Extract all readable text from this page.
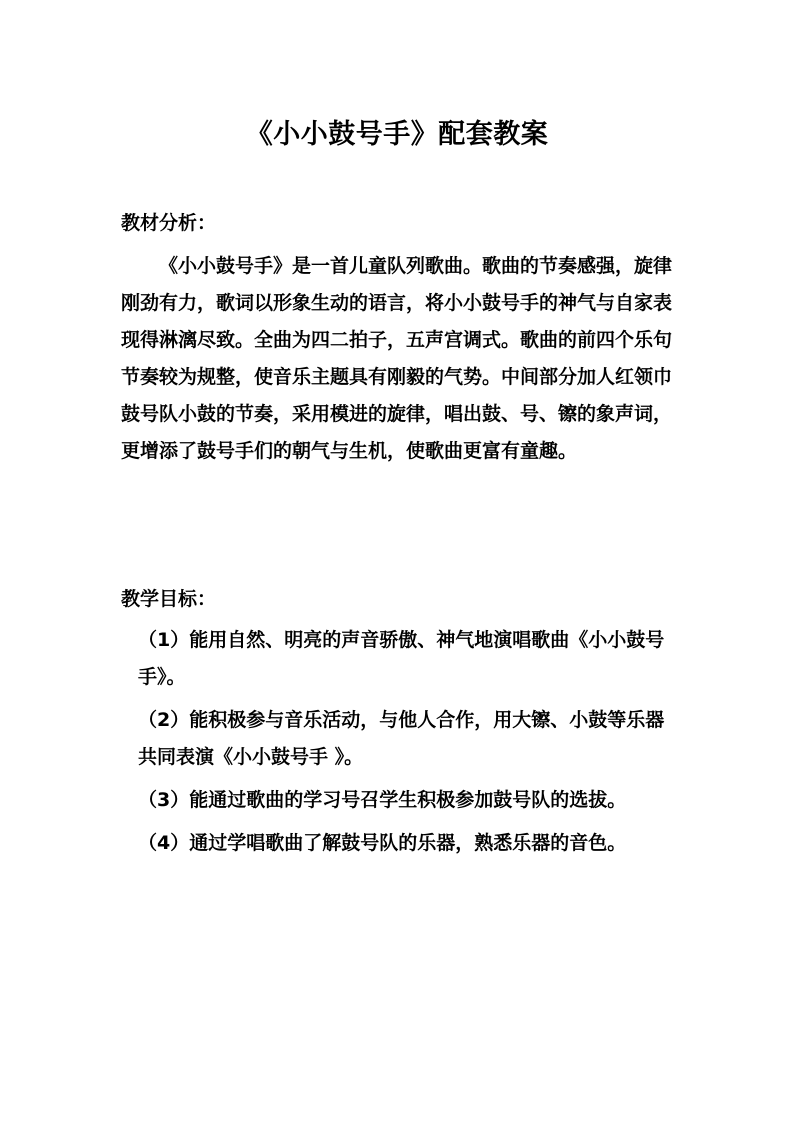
《小小鼓号手》配套教案
教材分析：
《小小鼓号手》是一首儿童队列歌曲。歌曲的节奏感强，旋律刚劲有力，歌词以形象生动的语言，将小小鼓号手的神气与自家表现得淋漓尽致。全曲为四二拍子，五声宫调式。歌曲的前四个乐句节奏较为规整，使音乐主题具有刚毅的气势。中间部分加人红领巾鼓号队小鼓的节奏，采用模进的旋律，唱出鼓、号、镲的象声词，更增添了鼓号手们的朝气与生机，使歌曲更富有童趣。
教学目标：
（1）能用自然、明亮的声音骄傲、神气地演唱歌曲《小小鼓号手》。
（2）能积极参与音乐活动，与他人合作，用大镲、小鼓等乐器共同表演《小小鼓号手 》。
（3）能通过歌曲的学习号召学生积极参加鼓号队的选拔。
（4）通过学唱歌曲了解鼓号队的乐器，熟悉乐器的音色。
